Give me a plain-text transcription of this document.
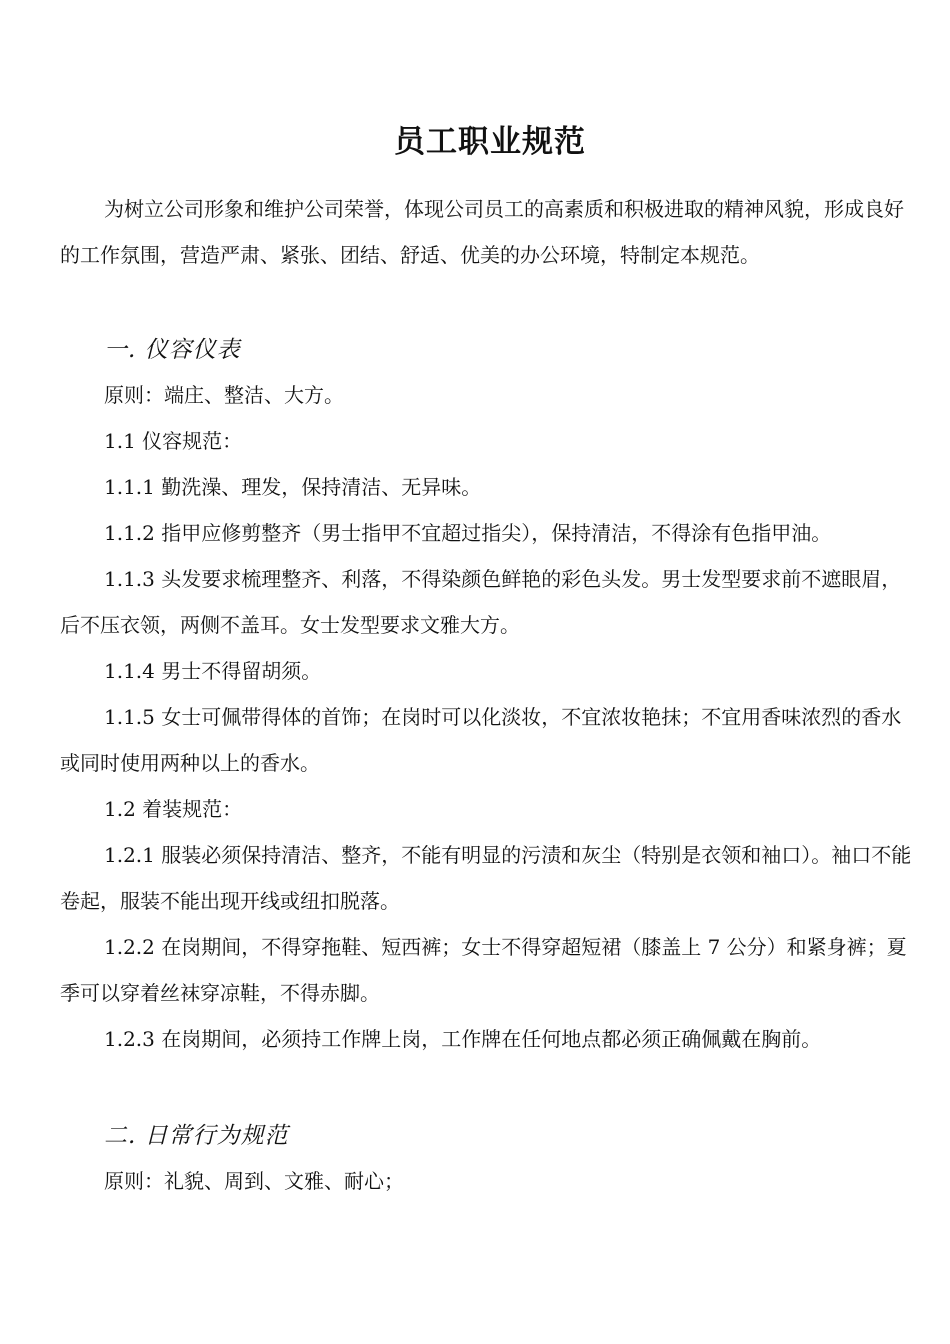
员工职业规范

为树立公司形象和维护公司荣誉，体现公司员工的高素质和积极进取的精神风貌，形成良好的工作氛围，营造严肃、紧张、团结、舒适、优美的办公环境，特制定本规范。

一. 仪容仪表

原则：端庄、整洁、大方。

1.1 仪容规范：

1.1.1 勤洗澡、理发，保持清洁、无异味。

1.1.2 指甲应修剪整齐（男士指甲不宜超过指尖），保持清洁，不得涂有色指甲油。

1.1.3 头发要求梳理整齐、利落，不得染颜色鲜艳的彩色头发。男士发型要求前不遮眼眉，后不压衣领，两侧不盖耳。女士发型要求文雅大方。

1.1.4 男士不得留胡须。

1.1.5 女士可佩带得体的首饰；在岗时可以化淡妆，不宜浓妆艳抹；不宜用香味浓烈的香水或同时使用两种以上的香水。

1.2 着装规范：

1.2.1 服装必须保持清洁、整齐，不能有明显的污渍和灰尘（特别是衣领和袖口）。袖口不能卷起，服装不能出现开线或纽扣脱落。

1.2.2 在岗期间，不得穿拖鞋、短西裤；女士不得穿超短裙（膝盖上 7 公分）和紧身裤；夏季可以穿着丝袜穿凉鞋，不得赤脚。

1.2.3 在岗期间，必须持工作牌上岗，工作牌在任何地点都必须正确佩戴在胸前。

二. 日常行为规范

原则：礼貌、周到、文雅、耐心；
